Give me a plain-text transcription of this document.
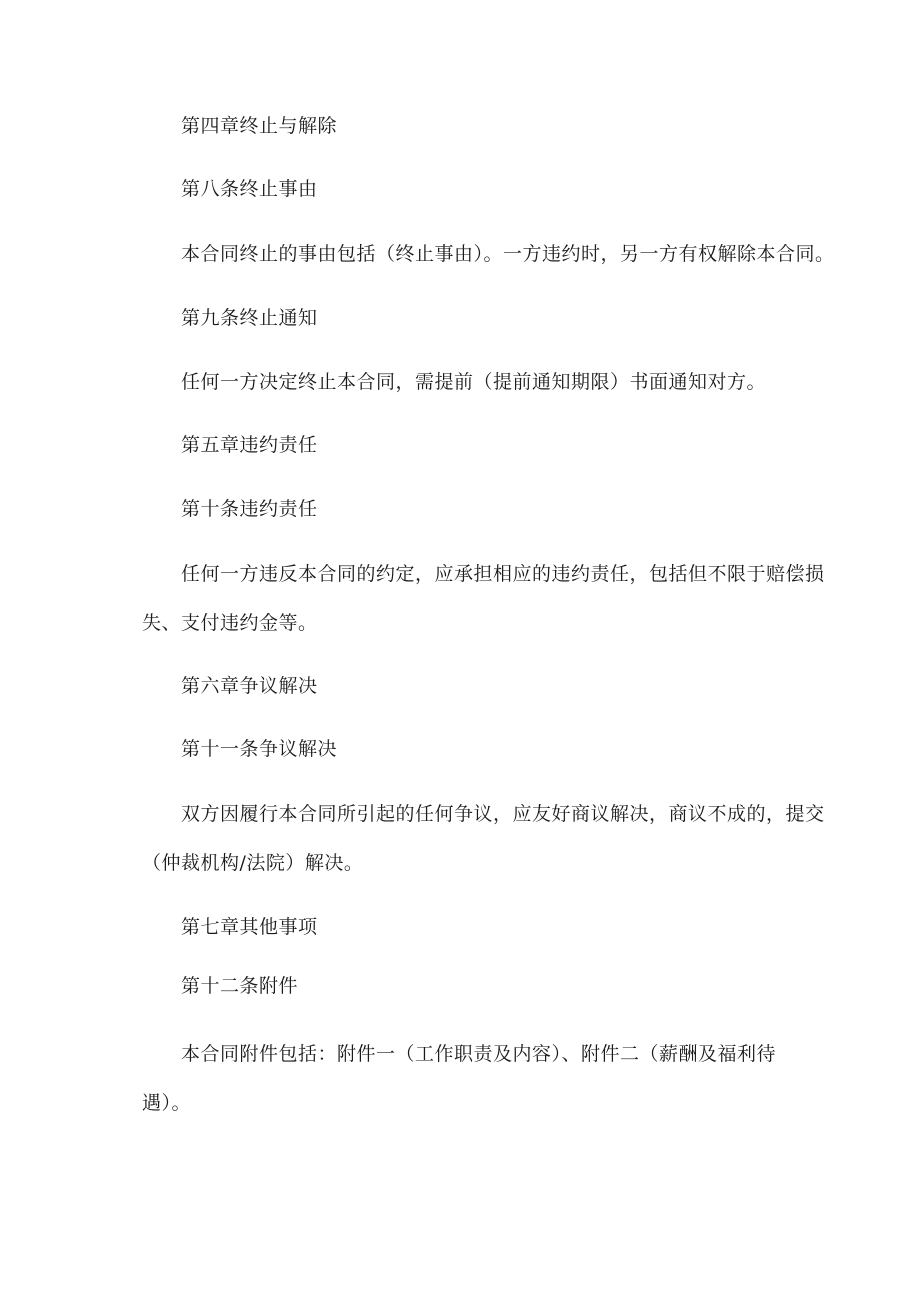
第四章终止与解除
第八条终止事由
本合同终止的事由包括（终止事由）。一方违约时，另一方有权解除本合同。
第九条终止通知
任何一方决定终止本合同，需提前（提前通知期限）书面通知对方。
第五章违约责任
第十条违约责任
任何一方违反本合同的约定，应承担相应的违约责任，包括但不限于赔偿损
失、支付违约金等。
第六章争议解决
第十一条争议解决
双方因履行本合同所引起的任何争议，应友好商议解决，商议不成的，提交
（仲裁机构/法院）解决。
第七章其他事项
第十二条附件
本合同附件包括：附件一（工作职责及内容）、附件二（薪酬及福利待
遇）。
